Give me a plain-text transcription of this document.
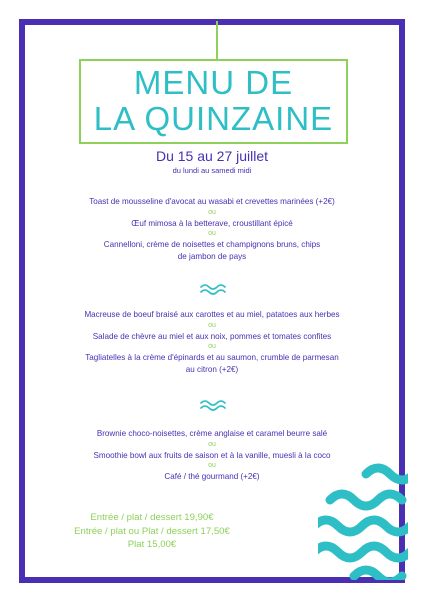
MENU DE

LA QUINZAINE

Du 15 au 27 juillet
du lundi au samedi midi

Toast de mousseline d'avocat au wasabi et crevettes marinées (+2€)

ou

Œuf mimosa à la betterave, croustillant épicé

ou

Cannelloni, crème de noisettes et champignons bruns, chips

de jambon de pays

Macreuse de boeuf braisé aux carottes et au miel, patatoes aux herbes

ou

Salade de chèvre au miel et aux noix, pommes et tomates confites

ou

Tagliatelles à la crème d'épinards et au saumon, crumble de parmesan

au citron (+2€)

Brownie choco-noisettes, crème anglaise et caramel beurre salé

ou

Smoothie bowl aux fruits de saison et à la vanille, muesli à la coco

ou

Café / thé gourmand (+2€)

Entrée / plat / dessert 19,90€

Entrée / plat ou Plat / dessert 17,50€

Plat 15,00€
